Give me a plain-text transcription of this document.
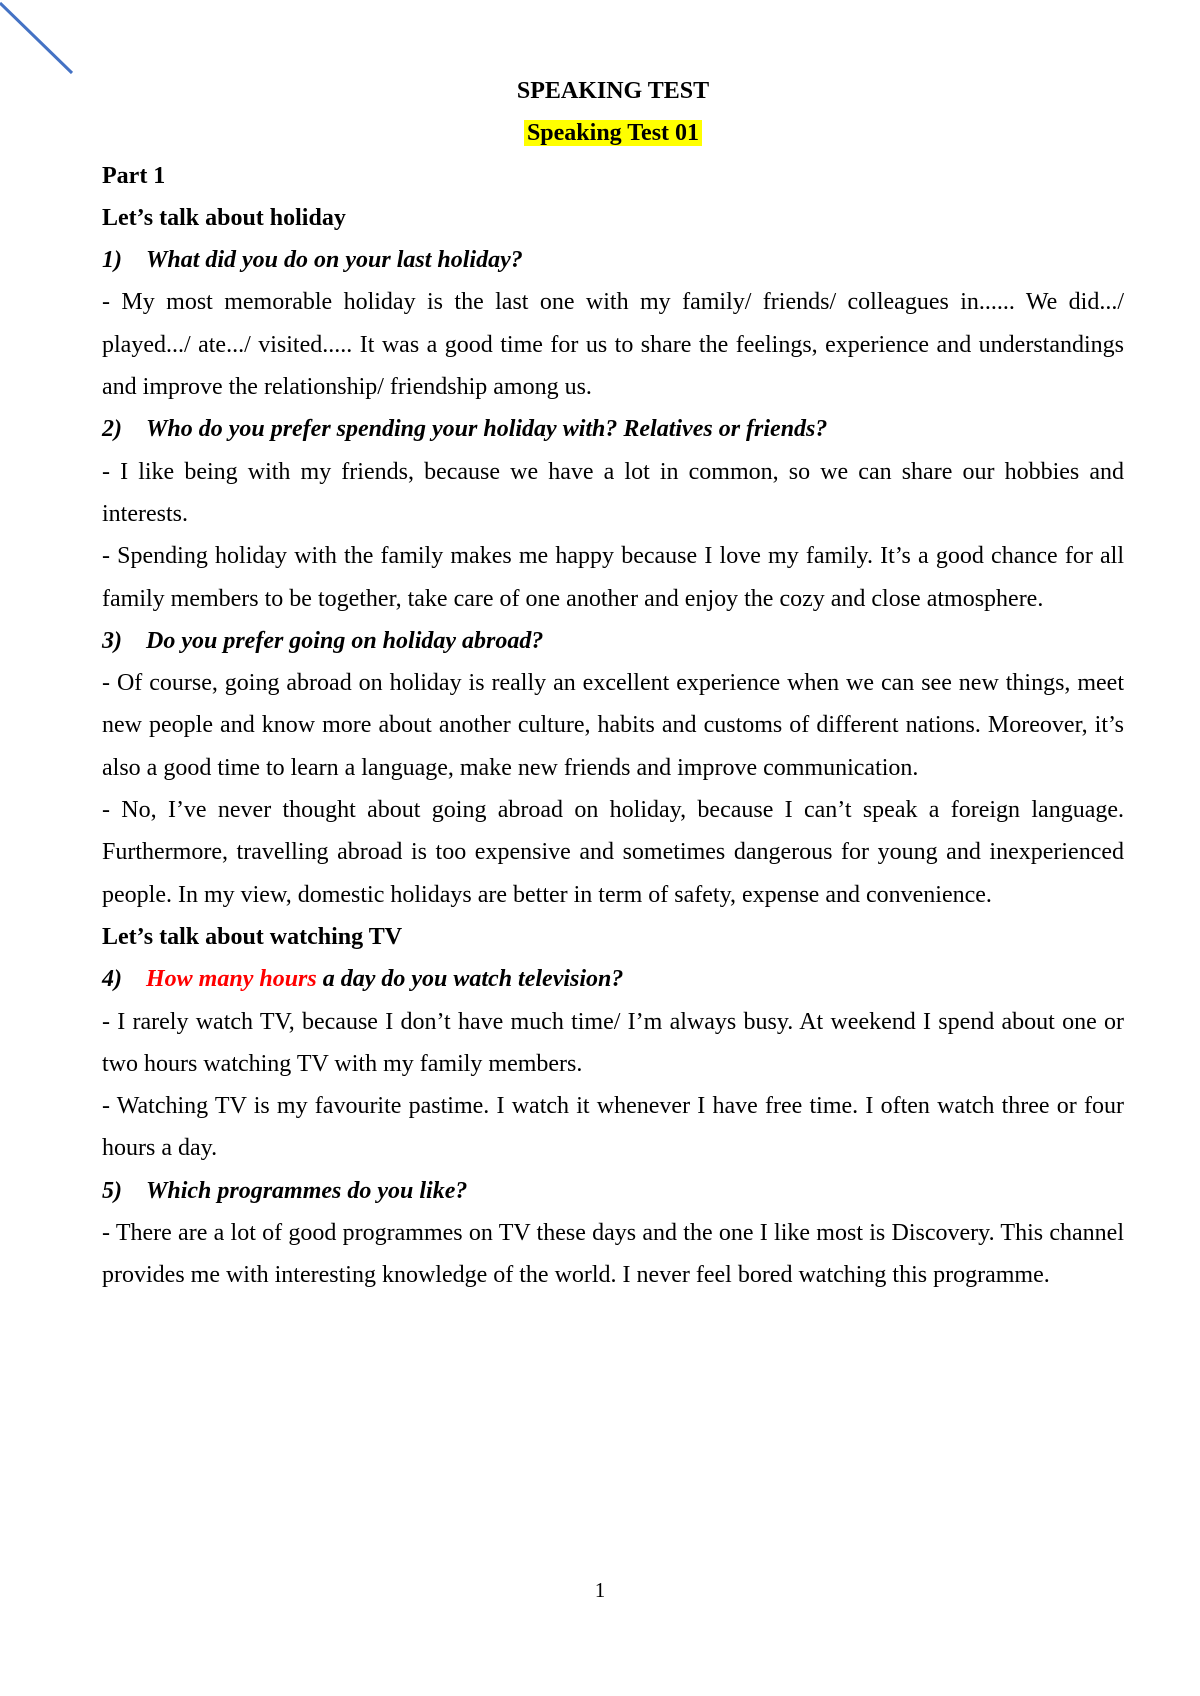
SPEAKING TEST

Speaking Test 01

Part 1

Let’s talk about holiday

1)	What did you do on your last holiday?

- My most memorable holiday is the last one with my family/ friends/ colleagues in...... We did.../ played.../ ate.../ visited..... It was a good time for us to share the feelings, experience and understandings and improve the relationship/ friendship among us.

2)	Who do you prefer spending your holiday with? Relatives or friends?

- I like being with my friends, because we have a lot in common, so we can share our hobbies and interests.

- Spending holiday with the family makes me happy because I love my family. It’s a good chance for all family members to be together, take care of one another and enjoy the cozy and close atmosphere.

3)	Do you prefer going on holiday abroad?

- Of course, going abroad on holiday is really an excellent experience when we can see new things, meet new people and know more about another culture, habits and customs of different nations. Moreover, it’s also a good time to learn a language, make new friends and improve communication.

- No, I’ve never thought about going abroad on holiday, because I can’t speak a foreign language. Furthermore, travelling abroad is too expensive and sometimes dangerous for young and inexperienced people. In my view, domestic holidays are better in term of safety, expense and convenience.

Let’s talk about watching TV

4)	How many hours a day do you watch television?

- I rarely watch TV, because I don’t have much time/ I’m always busy. At weekend I spend about one or two hours watching TV with my family members.

- Watching TV is my favourite pastime. I watch it whenever I have free time. I often watch three or four hours a day.

5)	Which programmes do you like?

- There are a lot of good programmes on TV these days and the one I like most is Discovery. This channel provides me with interesting knowledge of the world. I never feel bored watching this programme.

1
